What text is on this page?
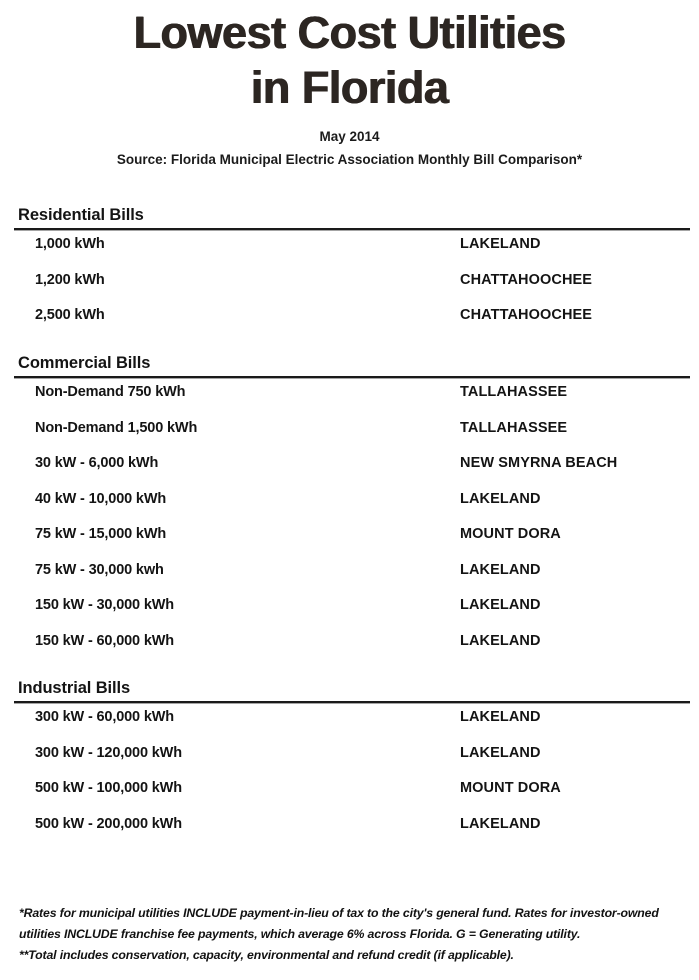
Lowest Cost Utilities
in Florida
May 2014
Source: Florida Municipal Electric Association Monthly Bill Comparison*
Residential Bills
1,000 kWh	LAKELAND
1,200 kWh	CHATTAHOOCHEE
2,500 kWh	CHATTAHOOCHEE
Commercial Bills
Non-Demand 750 kWh	TALLAHASSEE
Non-Demand 1,500 kWh	TALLAHASSEE
30 kW - 6,000 kWh	NEW SMYRNA BEACH
40 kW - 10,000 kWh	LAKELAND
75 kW - 15,000 kWh	MOUNT DORA
75 kW - 30,000 kwh	LAKELAND
150 kW - 30,000 kWh	LAKELAND
150 kW - 60,000 kWh	LAKELAND
Industrial Bills
300 kW - 60,000 kWh	LAKELAND
300 kW - 120,000 kWh	LAKELAND
500 kW - 100,000 kWh	MOUNT DORA
500 kW - 200,000 kWh	LAKELAND
*Rates for municipal utilities INCLUDE payment-in-lieu of tax to the city's general fund. Rates for investor-owned
utilities INCLUDE franchise fee payments, which average 6% across Florida. G = Generating utility.
**Total includes conservation, capacity, environmental and refund credit (if applicable).
